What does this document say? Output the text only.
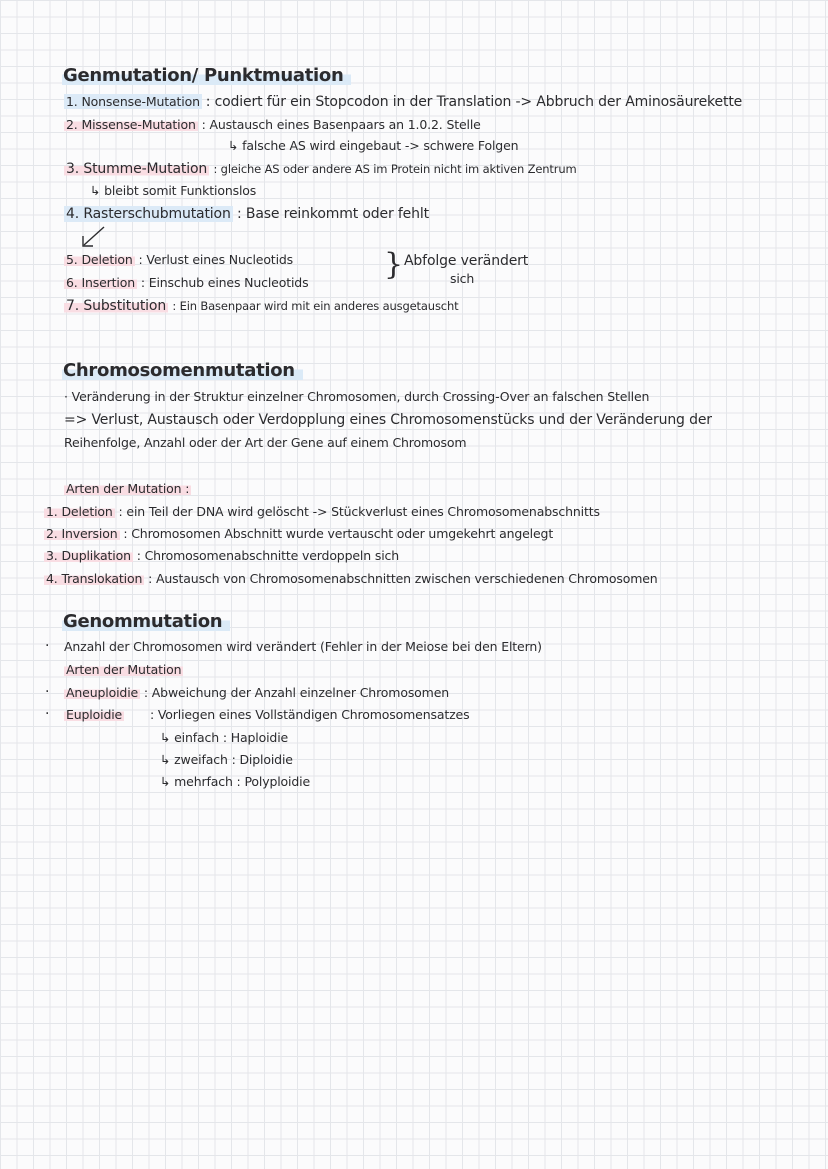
Genmutation/ Punktmuation
1. Nonsense-Mutation : codiert für ein Stopcodon in der Translation -> Abbruch der Aminosäurekette
2. Missense-Mutation : Austausch eines Basenpaars an 1.0.2. Stelle
↳ falsche AS wird eingebaut -> schwere Folgen
3. Stumme-Mutation : gleiche AS oder andere AS im Protein nicht im aktiven Zentrum
↳ bleibt somit Funktionslos
4. Rasterschubmutation : Base reinkommt oder fehlt
5. Deletion : Verlust eines Nucleotids
6. Insertion : Einschub eines Nucleotids
} Abfolge verändert
sich
7. Substitution : Ein Basenpaar wird mit ein anderes ausgetauscht
Chromosomenmutation
· Veränderung in der Struktur einzelner Chromosomen, durch Crossing-Over an falschen Stellen
=> Verlust, Austausch oder Verdopplung eines Chromosomenstücks und der Veränderung der
Reihenfolge, Anzahl oder der Art der Gene auf einem Chromosom
Arten der Mutation :
1. Deletion : ein Teil der DNA wird gelöscht -> Stückverlust eines Chromosomenabschnitts
2. Inversion : Chromosomen Abschnitt wurde vertauscht oder umgekehrt angelegt
3. Duplikation : Chromosomenabschnitte verdoppeln sich
4. Translokation : Austausch von Chromosomenabschnitten zwischen verschiedenen Chromosomen
Genommutation
· Anzahl der Chromosomen wird verändert (Fehler in der Meiose bei den Eltern)
Arten der Mutation
· Aneuploidie : Abweichung der Anzahl einzelner Chromosomen
· Euploidie : Vorliegen eines Vollständigen Chromosomensatzes
↳ einfach : Haploidie
↳ zweifach : Diploidie
↳ mehrfach : Polyploidie
